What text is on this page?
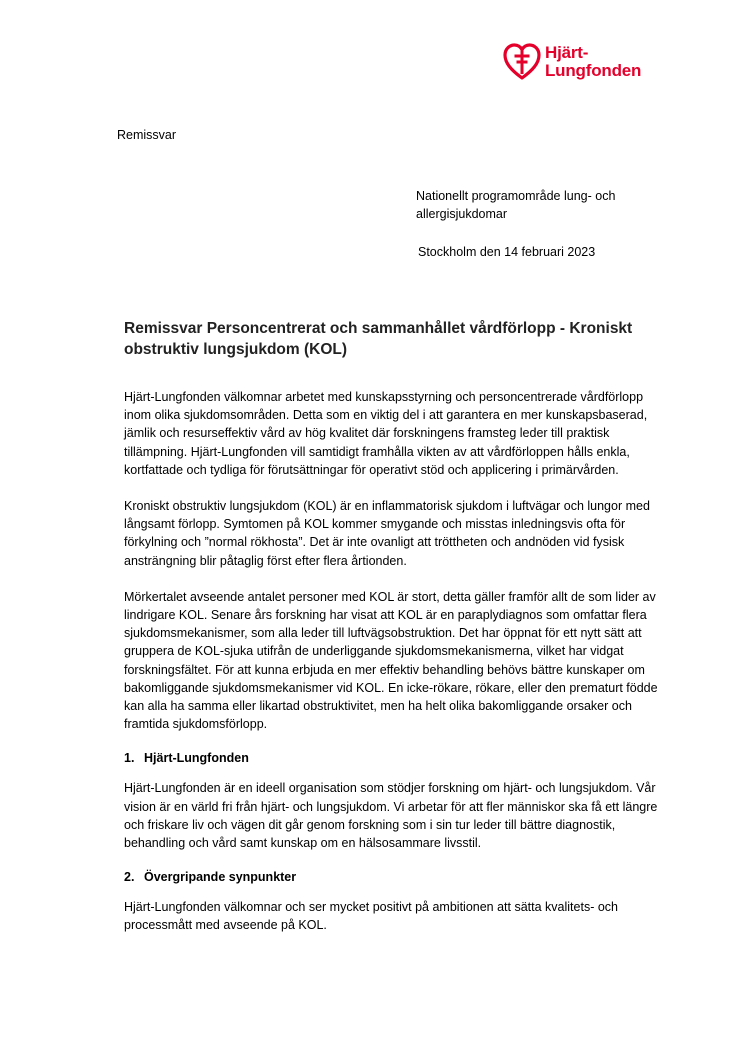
Hjärt-
Lungfonden
Remissvar
Nationellt programområde lung- och
allergisjukdomar
Stockholm den 14 februari 2023
Remissvar Personcentrerat och sammanhållet vårdförlopp - Kroniskt obstruktiv lungsjukdom (KOL)

Hjärt-Lungfonden välkomnar arbetet med kunskapsstyrning och personcentrerade vårdförlopp inom olika sjukdomsområden. Detta som en viktig del i att garantera en mer kunskapsbaserad, jämlik och resurseffektiv vård av hög kvalitet där forskningens framsteg leder till praktisk tillämpning. Hjärt-Lungfonden vill samtidigt framhålla vikten av att vårdförloppen hålls enkla, kortfattade och tydliga för förutsättningar för operativt stöd och applicering i primärvården.

Kroniskt obstruktiv lungsjukdom (KOL) är en inflammatorisk sjukdom i luftvägar och lungor med långsamt förlopp. Symtomen på KOL kommer smygande och misstas inledningsvis ofta för förkylning och ”normal rökhosta”. Det är inte ovanligt att tröttheten och andnöden vid fysisk ansträngning blir påtaglig först efter flera årtionden.

Mörkertalet avseende antalet personer med KOL är stort, detta gäller framför allt de som lider av lindrigare KOL. Senare års forskning har visat att KOL är en paraplydiagnos som omfattar flera sjukdomsmekanismer, som alla leder till luftvägsobstruktion. Det har öppnat för ett nytt sätt att gruppera de KOL-sjuka utifrån de underliggande sjukdomsmekanismerna, vilket har vidgat forskningsfältet. För att kunna erbjuda en mer effektiv behandling behövs bättre kunskaper om bakomliggande sjukdomsmekanismer vid KOL. En icke-rökare, rökare, eller den prematurt födde kan alla ha samma eller likartad obstruktivitet, men ha helt olika bakomliggande orsaker och framtida sjukdomsförlopp.

1. Hjärt-Lungfonden

Hjärt-Lungfonden är en ideell organisation som stödjer forskning om hjärt- och lungsjukdom. Vår vision är en värld fri från hjärt- och lungsjukdom. Vi arbetar för att fler människor ska få ett längre och friskare liv och vägen dit går genom forskning som i sin tur leder till bättre diagnostik, behandling och vård samt kunskap om en hälsosammare livsstil.

2. Övergripande synpunkter

Hjärt-Lungfonden välkomnar och ser mycket positivt på ambitionen att sätta kvalitets- och processmått med avseende på KOL.
